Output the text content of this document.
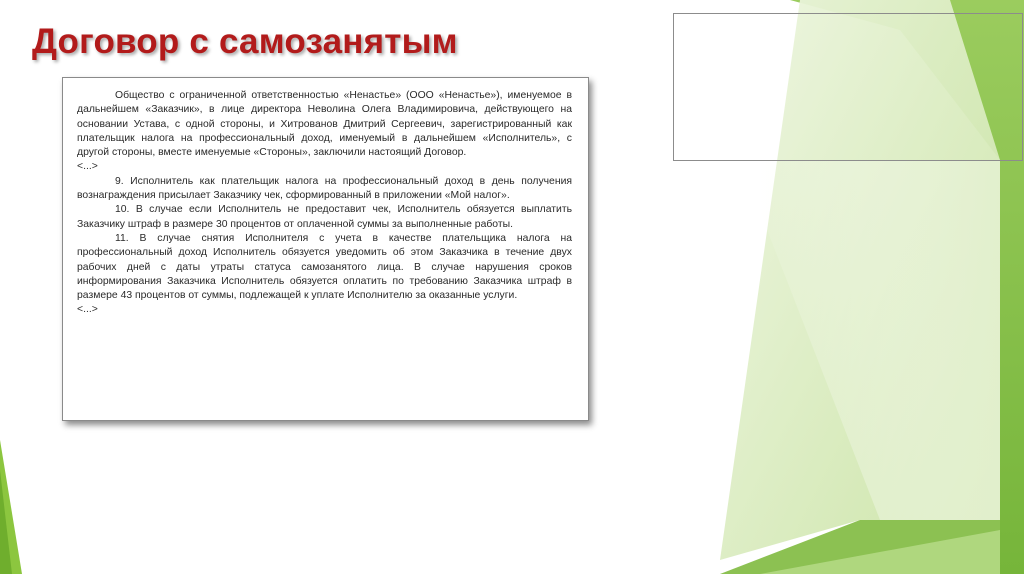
Договор с самозанятым

Общество с ограниченной ответственностью «Ненастье» (ООО «Ненастье»), именуемое в дальнейшем «Заказчик», в лице директора Неволина Олега Владимировича, действующего на основании Устава, с одной стороны, и Хитрованов Дмитрий Сергеевич, зарегистрированный как плательщик налога на профессиональный доход, именуемый в дальнейшем «Исполнитель», с другой стороны, вместе именуемые «Стороны», заключили настоящий Договор.

<...>

9. Исполнитель как плательщик налога на профессиональный доход в день получения вознаграждения присылает Заказчику чек, сформированный в приложении «Мой налог».

10. В случае если Исполнитель не предоставит чек, Исполнитель обязуется выплатить Заказчику штраф в размере 30 процентов от оплаченной суммы за выполненные работы.

11. В случае снятия Исполнителя с учета в качестве плательщика налога на профессиональный доход Исполнитель обязуется уведомить об этом Заказчика в течение двух рабочих дней с даты утраты статуса самозанятого лица. В случае нарушения сроков информирования Заказчика Исполнитель обязуется оплатить по требованию Заказчика штраф в размере 43 процентов от суммы, подлежащей к уплате Исполнителю за оказанные услуги.

<...>
